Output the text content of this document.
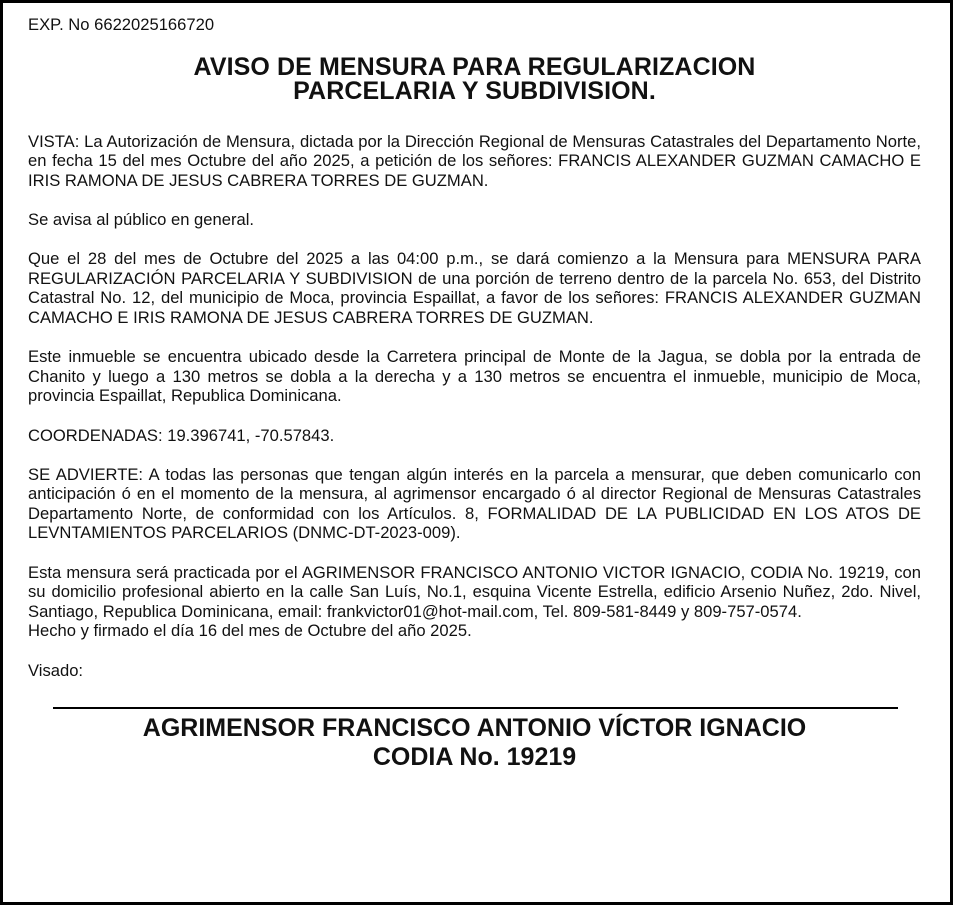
EXP. No 6622025166720

AVISO DE MENSURA PARA REGULARIZACION
PARCELARIA Y SUBDIVISION.

VISTA: La Autorización de Mensura, dictada por la Dirección Regional de Mensuras Catastrales del Departamento Norte, en fecha 15 del mes Octubre del año 2025, a petición de los señores: FRANCIS ALEXANDER GUZMAN CAMACHO E IRIS RAMONA DE JESUS CABRERA TORRES DE GUZMAN.

Se avisa al público en general.

Que el 28 del mes de Octubre del 2025 a las 04:00 p.m., se dará comienzo a la Mensura para MENSURA PARA REGULARIZACIÓN PARCELARIA Y SUBDIVISION de una porción de terreno dentro de la parcela No. 653, del Distrito Catastral No. 12, del municipio de Moca, provincia Espaillat, a favor de los señores: FRANCIS ALEXANDER GUZMAN CAMACHO E IRIS RAMONA DE JESUS CABRERA TORRES DE GUZMAN.

Este inmueble se encuentra ubicado desde la Carretera principal de Monte de la Jagua, se dobla por la entrada de Chanito y luego a 130 metros se dobla a la derecha y a 130 metros se encuentra el inmueble, municipio de Moca, provincia Espaillat, Republica Dominicana.

COORDENADAS: 19.396741, -70.57843.

SE ADVIERTE: A todas las personas que tengan algún interés en la parcela a mensurar, que deben comunicarlo con anticipación ó en el momento de la mensura, al agrimensor encargado ó al director Regional de Mensuras Catastrales Departamento Norte, de conformidad con los Artículos. 8, FORMALIDAD DE LA PUBLICIDAD EN LOS ATOS DE LEVNTAMIENTOS PARCELARIOS (DNMC-DT-2023-009).

Esta mensura será practicada por el AGRIMENSOR FRANCISCO ANTONIO VICTOR IGNACIO, CODIA No. 19219, con su domicilio profesional abierto en la calle San Luís, No.1, esquina Vicente Estrella, edificio Arsenio Nuñez, 2do. Nivel, Santiago, Republica Dominicana, email: frankvictor01@hot-mail.com, Tel. 809-581-8449 y 809-757-0574.

Hecho y firmado el día 16 del mes de Octubre del año 2025.

Visado:

AGRIMENSOR FRANCISCO ANTONIO VÍCTOR IGNACIO
CODIA No. 19219
